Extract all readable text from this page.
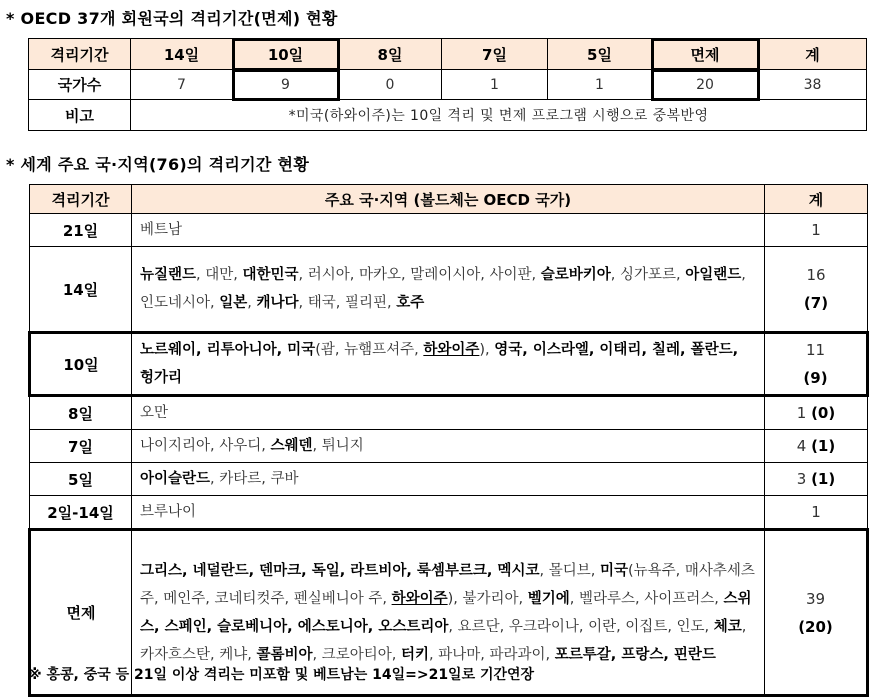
* OECD 37개 회원국의 격리기간(면제) 현황
격리기간	14일	10일	8일	7일	5일	면제	계
국가수	7	9	0	1	1	20	38
비고	*미국(하와이주)는 10일 격리 및 면제 프로그램 시행으로 중복반영						
* 세계 주요 국·지역(76)의 격리기간 현황
격리기간	주요 국·지역 (볼드체는 OECD 국가)	계
21일	베트남	1
14일	뉴질랜드, 대만, 대한민국, 러시아, 마카오, 말레이시아, 사이판, 슬로바키아, 싱가포르, 아일랜드, 인도네시아, 일본, 캐나다, 태국, 필리핀, 호주	16
(7)
10일	노르웨이, 리투아니아, 미국(괌, 뉴햄프셔주, 하와이주), 영국, 이스라엘, 이태리, 칠레, 폴란드, 헝가리	11
(9)
8일	오만	1 (0)
7일	나이지리아, 사우디, 스웨덴, 튀니지	4 (1)
5일	아이슬란드, 카타르, 쿠바	3 (1)
2일-14일	브루나이	1
면제	그리스, 네덜란드, 덴마크, 독일, 라트비아, 룩셈부르크, 멕시코, 몰디브, 미국(뉴욕주, 매사추세츠주, 메인주, 코네티컷주, 펜실베니아 주, 하와이주), 불가리아, 벨기에, 벨라루스, 사이프러스, 스위스, 스페인, 슬로베니아, 에스토니아, 오스트리아, 요르단, 우크라이나, 이란, 이집트, 인도, 체코, 카자흐스탄, 케냐, 콜롬비아, 크로아티아, 터키, 파나마, 파라과이, 포르투갈, 프랑스, 핀란드	39
(20)
※ 홍콩, 중국 등 21일 이상 격리는 미포함 및 베트남는 14일=>21일로 기간연장
